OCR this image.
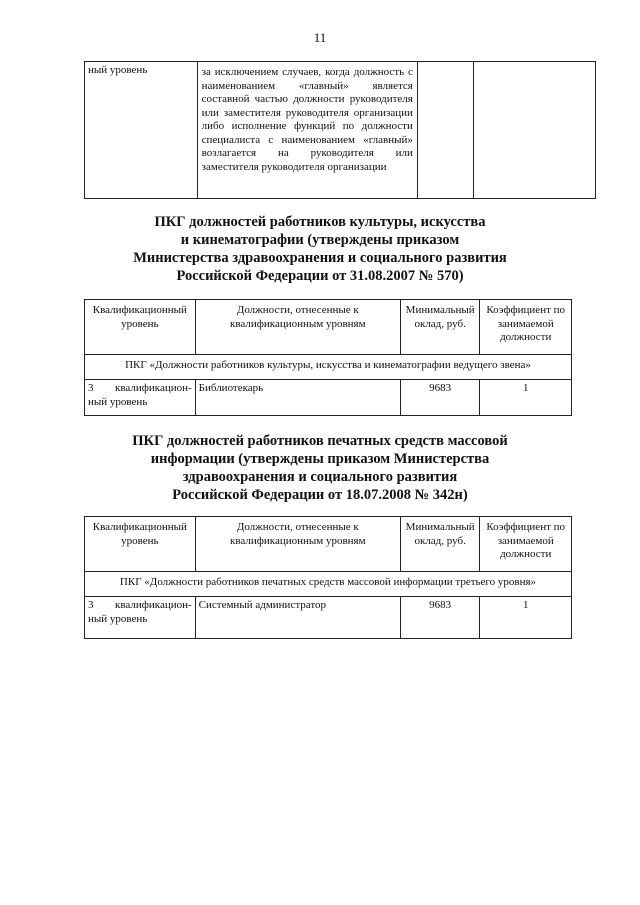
11
ный уровень	за исключением случаев, когда должность с наименованием «главный» является составной частью должности руководителя или заместителя руководителя организации либо исполнение функций по должности специалиста с наименованием «главный» возлагается на руководителя или заместителя руководителя организации		
ПКГ должностей работников культуры, искусства
и кинематографии (утверждены приказом
Министерства здравоохранения и социального развития
Российской Федерации от 31.08.2007 № 570)
Квалификационный уровень	Должности, отнесенные к квалификационным уровням	Минимальный оклад, руб.	Коэффициент по занимаемой должности
ПКГ «Должности работников культуры, искусства и кинематографии ведущего звена»			

3 квалификацион-
ный уровень	Библиотекарь	9683	1
ПКГ должностей работников печатных средств массовой
информации (утверждены приказом Министерства
здравоохранения и социального развития
Российской Федерации от 18.07.2008 № 342н)
Квалификационный уровень	Должности, отнесенные к квалификационным уровням	Минимальный оклад, руб.	Коэффициент по занимаемой должности
ПКГ «Должности работников печатных средств массовой информации третьего уровня»			

3 квалификацион-
ный уровень	Системный администратор	9683	1
